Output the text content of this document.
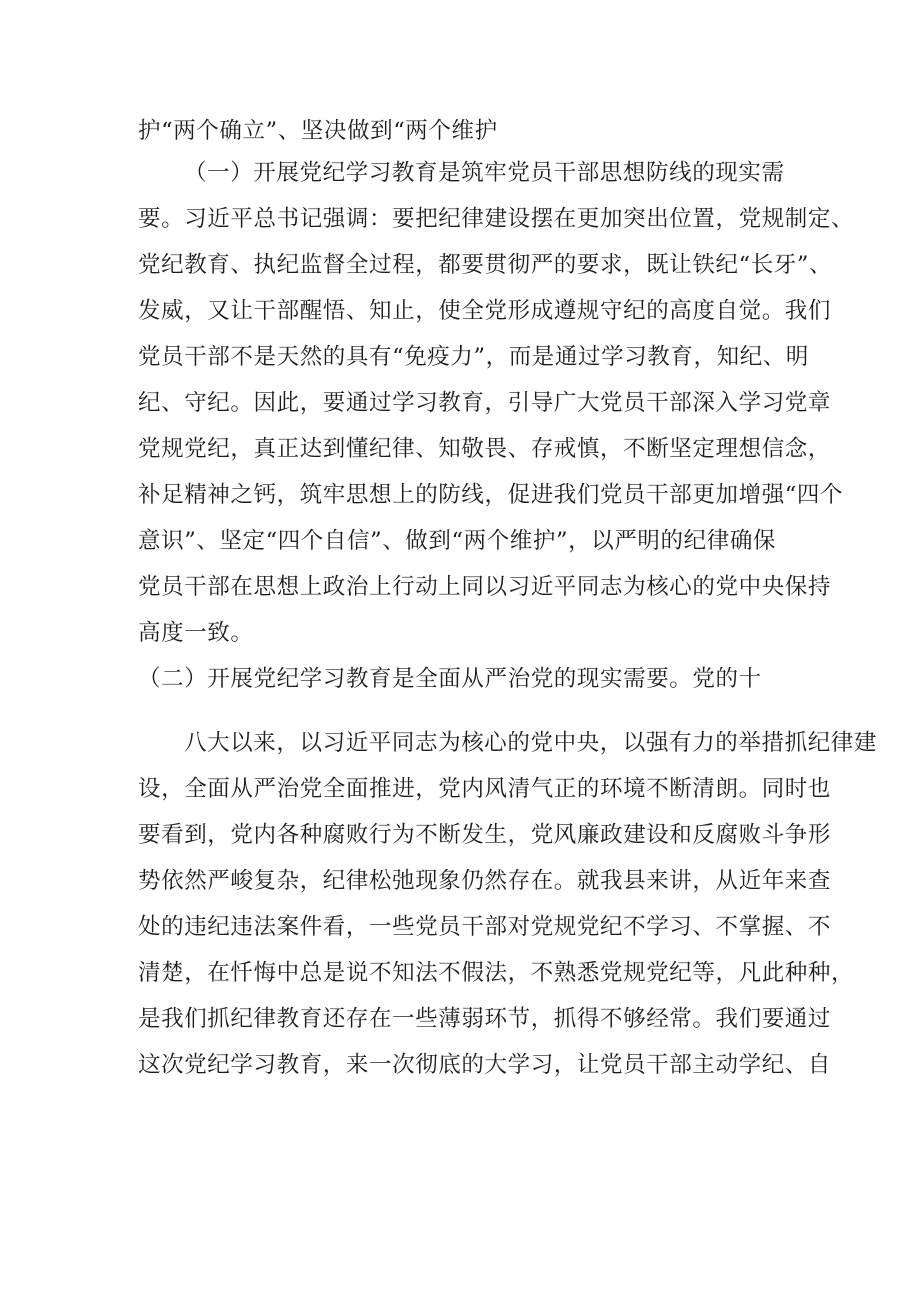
护“两个确立”、坚决做到“两个维护
（一）开展党纪学习教育是筑牢党员干部思想防线的现实需
要。习近平总书记强调：要把纪律建设摆在更加突出位置，党规制定、
党纪教育、执纪监督全过程，都要贯彻严的要求，既让铁纪“长牙”、
发威，又让干部醒悟、知止，使全党形成遵规守纪的高度自觉。我们
党员干部不是天然的具有“免疫力”，而是通过学习教育，知纪、明
纪、守纪。因此，要通过学习教育，引导广大党员干部深入学习党章
党规党纪，真正达到懂纪律、知敬畏、存戒慎，不断坚定理想信念，
补足精神之钙，筑牢思想上的防线，促进我们党员干部更加增强“四个
意识”、坚定“四个自信”、做到“两个维护”，以严明的纪律确保
党员干部在思想上政治上行动上同以习近平同志为核心的党中央保持
高度一致。
（二）开展党纪学习教育是全面从严治党的现实需要。党的十
八大以来，以习近平同志为核心的党中央，以强有力的举措抓纪律建
设，全面从严治党全面推进，党内风清气正的环境不断清朗。同时也
要看到，党内各种腐败行为不断发生，党风廉政建设和反腐败斗争形
势依然严峻复杂，纪律松弛现象仍然存在。就我县来讲，从近年来查
处的违纪违法案件看，一些党员干部对党规党纪不学习、不掌握、不
清楚，在忏悔中总是说不知法不假法，不熟悉党规党纪等，凡此种种，
是我们抓纪律教育还存在一些薄弱环节，抓得不够经常。我们要通过
这次党纪学习教育，来一次彻底的大学习，让党员干部主动学纪、自
